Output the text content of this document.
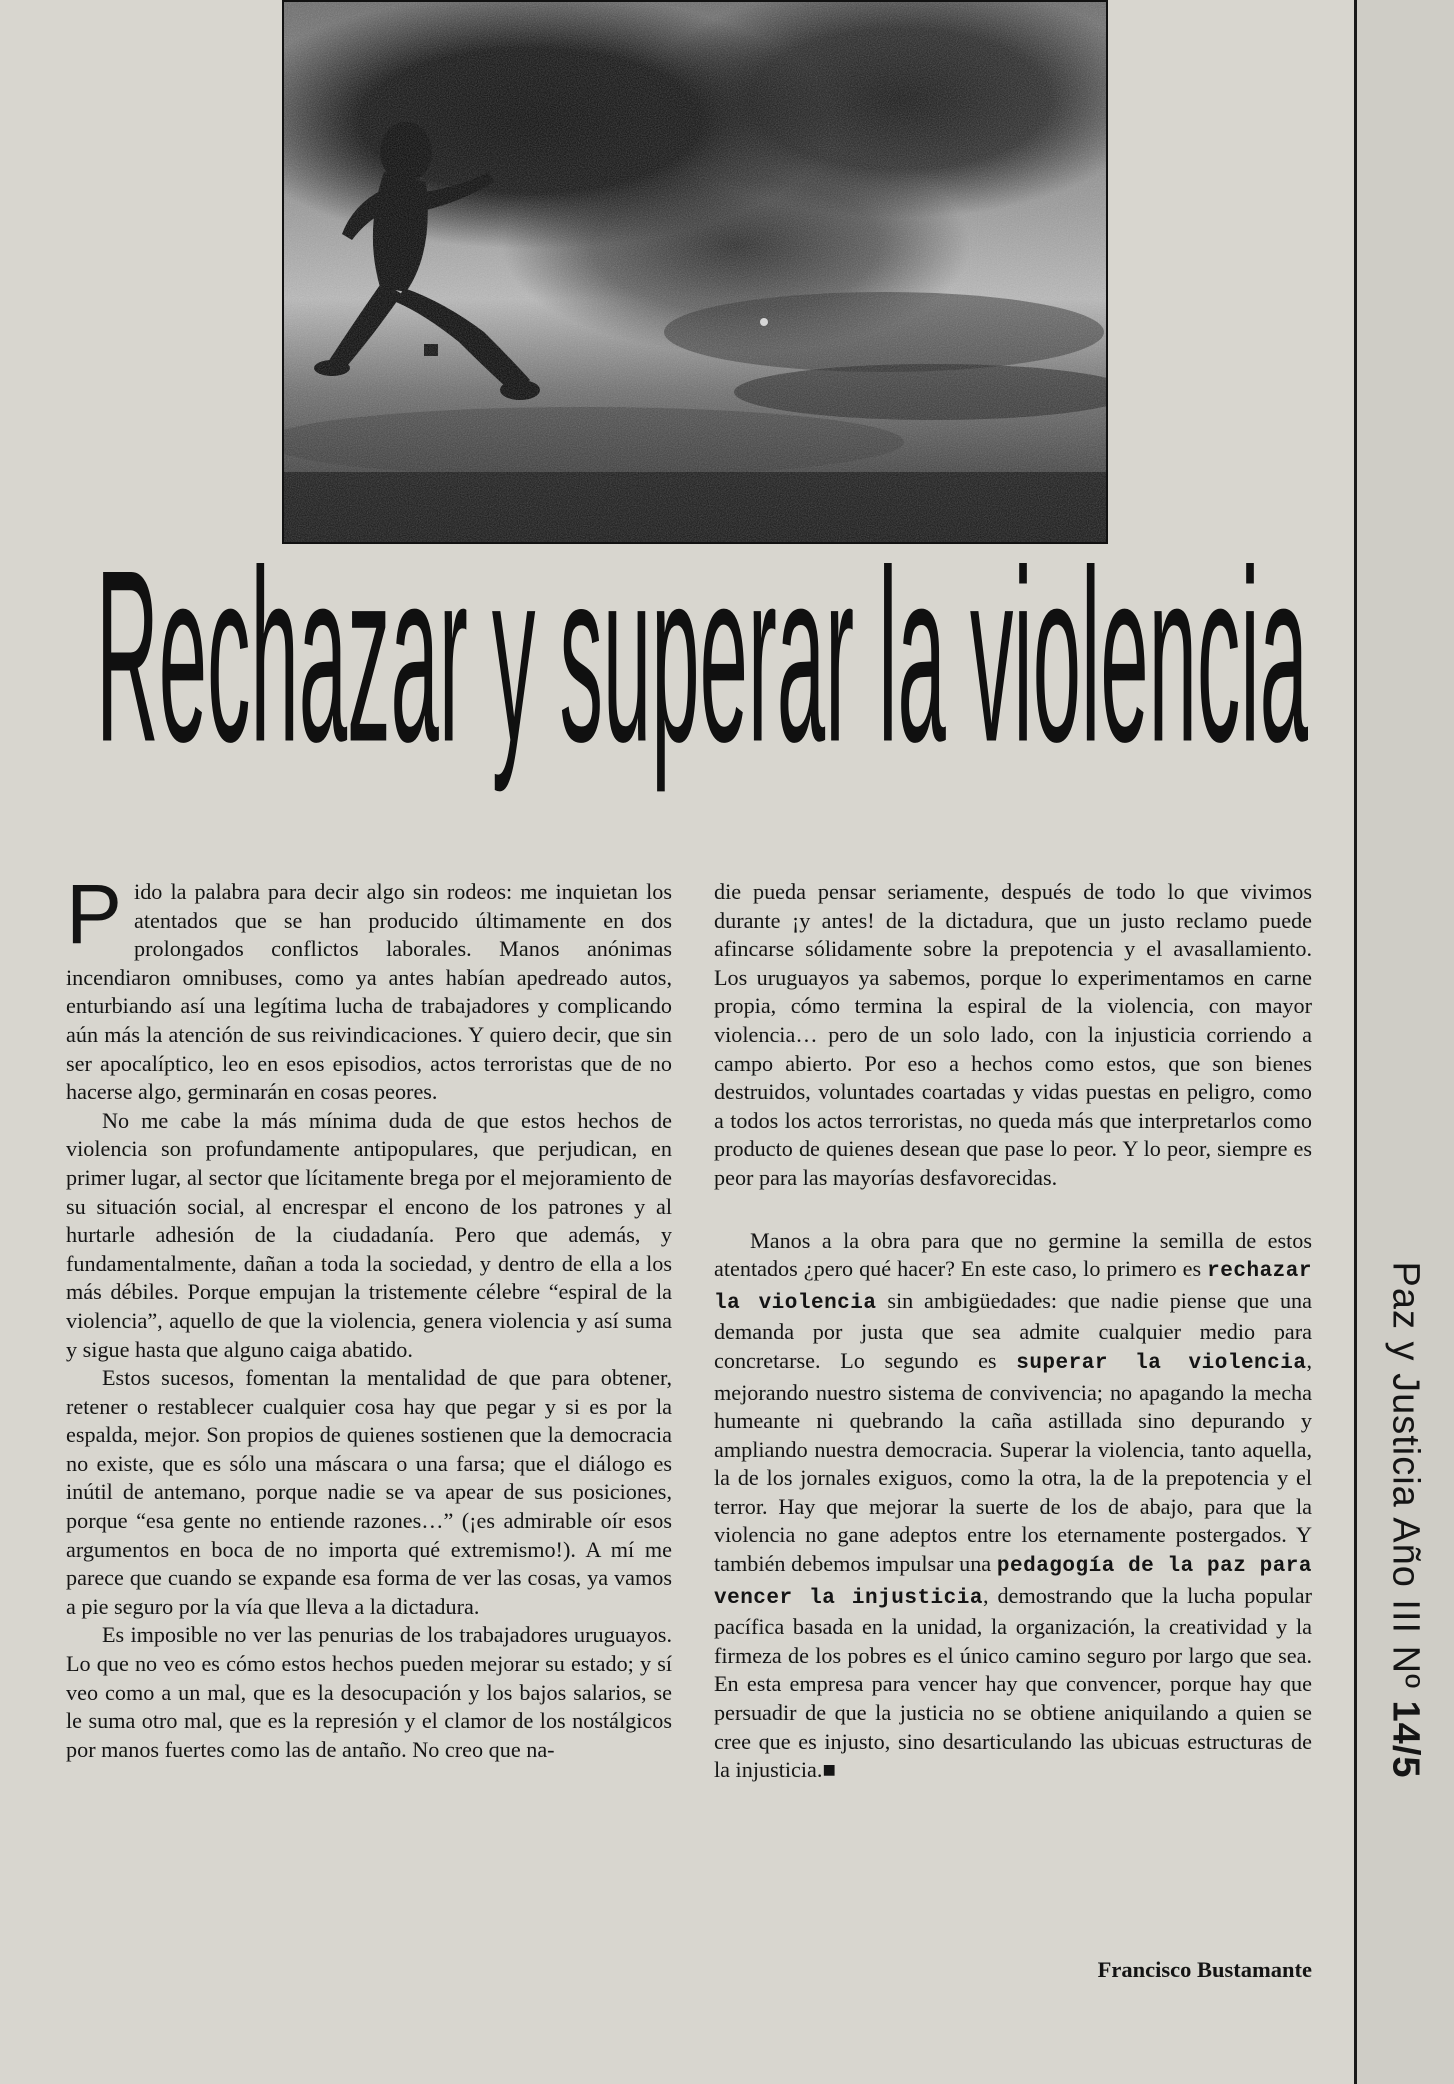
Paz y Justicia Año III Nº 14/5
Rechazar y superar la violencia

Pido la palabra para decir algo sin rodeos: me inquietan los atentados que se han producido últimamente en dos prolongados conflictos laborales. Manos anónimas incendiaron omnibuses, como ya antes habían apedreado autos, enturbiando así una legítima lucha de trabajadores y complicando aún más la atención de sus reivindicaciones. Y quiero decir, que sin ser apocalíptico, leo en esos episodios, actos terroristas que de no hacerse algo, germinarán en cosas peores.

No me cabe la más mínima duda de que estos hechos de violencia son profundamente antipopulares, que perjudican, en primer lugar, al sector que lícitamente brega por el mejoramiento de su situación social, al encrespar el encono de los patrones y al hurtarle adhesión de la ciudadanía. Pero que además, y fundamentalmente, dañan a toda la sociedad, y dentro de ella a los más débiles. Porque empujan la tristemente célebre “espiral de la violencia”, aquello de que la violencia, genera violencia y así suma y sigue hasta que alguno caiga abatido.

Estos sucesos, fomentan la mentalidad de que para obtener, retener o restablecer cualquier cosa hay que pegar y si es por la espalda, mejor. Son propios de quienes sostienen que la democracia no existe, que es sólo una máscara o una farsa; que el diálogo es inútil de antemano, porque nadie se va apear de sus posiciones, porque “esa gente no entiende razones…” (¡es admirable oír esos argumentos en boca de no importa qué extremismo!). A mí me parece que cuando se expande esa forma de ver las cosas, ya vamos a pie seguro por la vía que lleva a la dictadura.

Es imposible no ver las penurias de los trabajadores uruguayos. Lo que no veo es cómo estos hechos pueden mejorar su estado; y sí veo como a un mal, que es la desocupación y los bajos salarios, se le suma otro mal, que es la represión y el clamor de los nostálgicos por manos fuertes como las de antaño. No creo que na-

die pueda pensar seriamente, después de todo lo que vivimos durante ¡y antes! de la dictadura, que un justo reclamo puede afincarse sólidamente sobre la prepotencia y el avasallamiento. Los uruguayos ya sabemos, porque lo experimentamos en carne propia, cómo termina la espiral de la violencia, con mayor violencia… pero de un solo lado, con la injusticia corriendo a campo abierto. Por eso a hechos como estos, que son bienes destruidos, voluntades coartadas y vidas puestas en peligro, como a todos los actos terroristas, no queda más que interpretarlos como producto de quienes desean que pase lo peor. Y lo peor, siempre es peor para las mayorías desfavorecidas.

Manos a la obra para que no germine la semilla de estos atentados ¿pero qué hacer? En este caso, lo primero es rechazar la violencia sin ambigüedades: que nadie piense que una demanda por justa que sea admite cualquier medio para concretarse. Lo segundo es superar la violencia, mejorando nuestro sistema de convivencia; no apagando la mecha humeante ni quebrando la caña astillada sino depurando y ampliando nuestra democracia. Superar la violencia, tanto aquella, la de los jornales exiguos, como la otra, la de la prepotencia y el terror. Hay que mejorar la suerte de los de abajo, para que la violencia no gane adeptos entre los eternamente postergados. Y también debemos impulsar una pedagogía de la paz para vencer la injusticia, demostrando que la lucha popular pacífica basada en la unidad, la organización, la creatividad y la firmeza de los pobres es el único camino seguro por largo que sea. En esta empresa para vencer hay que convencer, porque hay que persuadir de que la justicia no se obtiene aniquilando a quien se cree que es injusto, sino desarticulando las ubicuas estructuras de la injusticia.■

Francisco Bustamante
